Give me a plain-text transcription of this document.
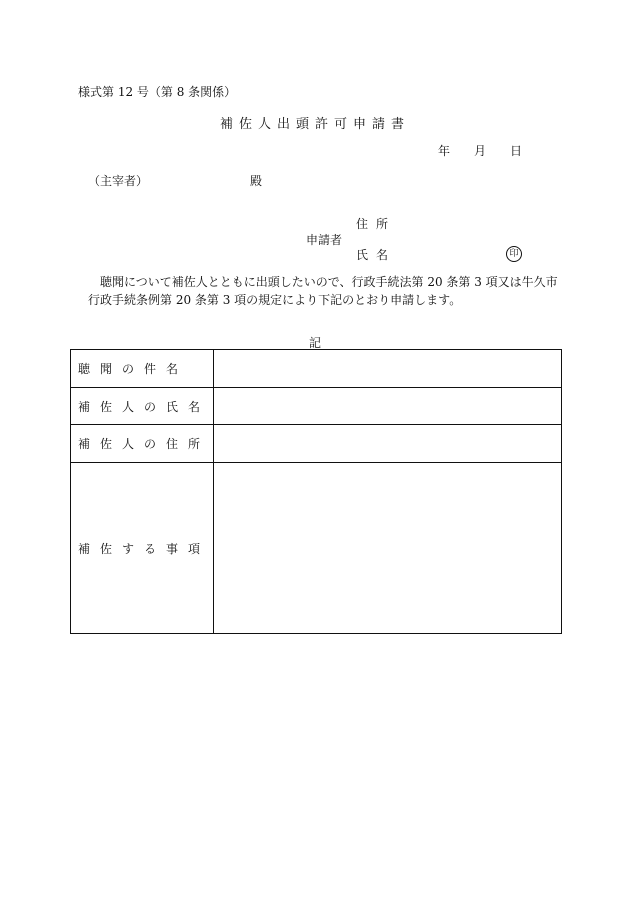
様式第 12 号（第 8 条関係）
補佐人出頭許可申請書
年 月 日
（主宰者）	殿
住所
申請者
氏名	印
聴聞について補佐人とともに出頭したいので、行政手続法第 20 条第 3 項又は牛久市行政手続条例第 20 条第 3 項の規定により下記のとおり申請します。
記
聴聞の件名	
補佐人の氏名	
補佐人の住所	
補佐する事項	
